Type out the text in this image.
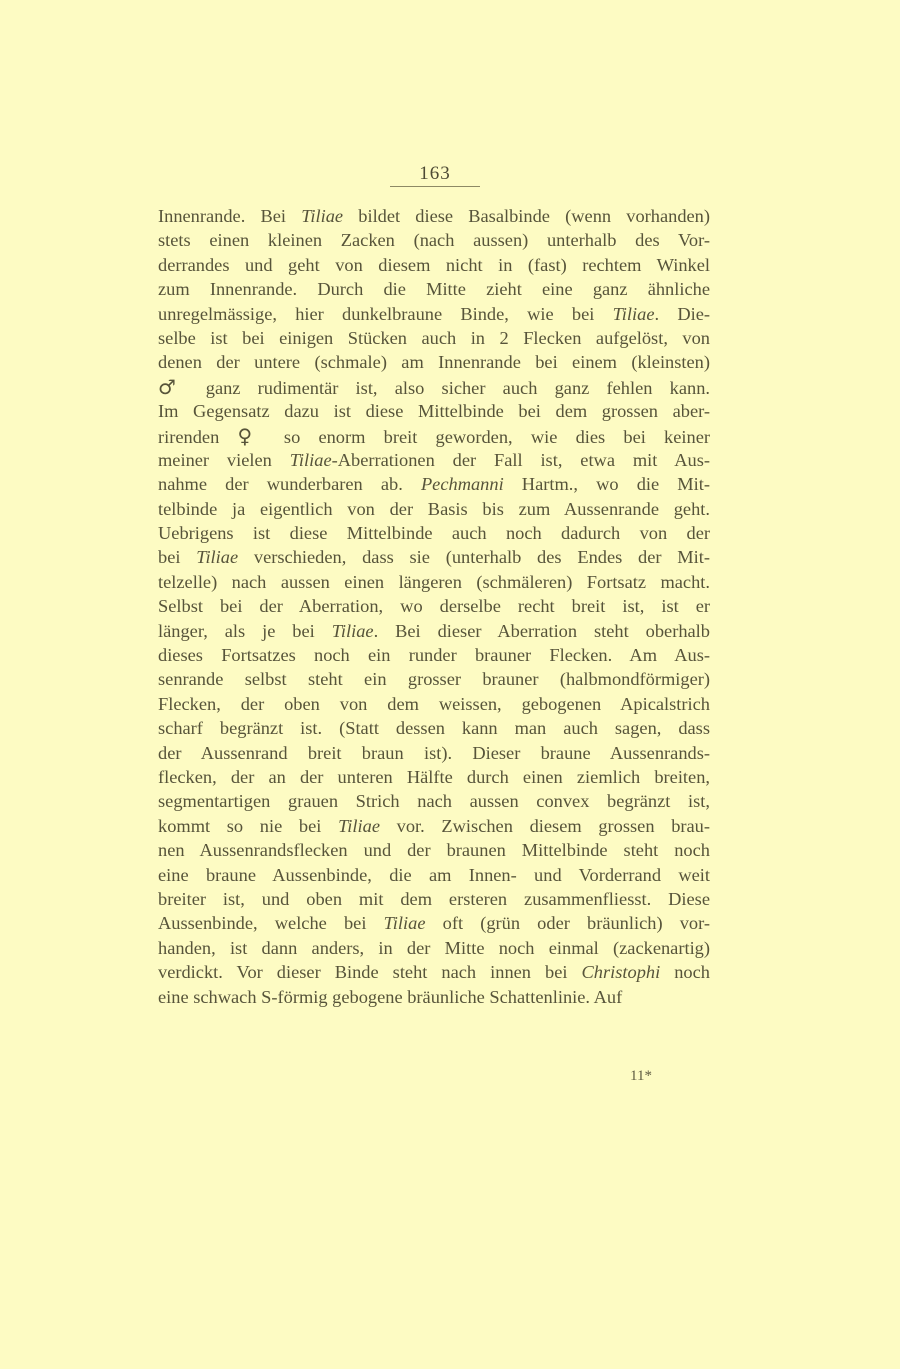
163
Innenrande. Bei Tiliae bildet diese Basalbinde (wenn vorhanden)
stets einen kleinen Zacken (nach aussen) unterhalb des Vor-
derrandes und geht von diesem nicht in (fast) rechtem Winkel
zum Innenrande. Durch die Mitte zieht eine ganz ähnliche
unregelmässige, hier dunkelbraune Binde, wie bei Tiliae. Die-
selbe ist bei einigen Stücken auch in 2 Flecken aufgelöst, von
denen der untere (schmale) am Innenrande bei einem (kleinsten)
♂ ganz rudimentär ist, also sicher auch ganz fehlen kann.
Im Gegensatz dazu ist diese Mittelbinde bei dem grossen aber-
rirenden ♀ so enorm breit geworden, wie dies bei keiner
meiner vielen Tiliae-Aberrationen der Fall ist, etwa mit Aus-
nahme der wunderbaren ab. Pechmanni Hartm., wo die Mit-
telbinde ja eigentlich von der Basis bis zum Aussenrande geht.
Uebrigens ist diese Mittelbinde auch noch dadurch von der
bei Tiliae verschieden, dass sie (unterhalb des Endes der Mit-
telzelle) nach aussen einen längeren (schmäleren) Fortsatz macht.
Selbst bei der Aberration, wo derselbe recht breit ist, ist er
länger, als je bei Tiliae. Bei dieser Aberration steht oberhalb
dieses Fortsatzes noch ein runder brauner Flecken. Am Aus-
senrande selbst steht ein grosser brauner (halbmondförmiger)
Flecken, der oben von dem weissen, gebogenen Apicalstrich
scharf begränzt ist. (Statt dessen kann man auch sagen, dass
der Aussenrand breit braun ist). Dieser braune Aussenrands-
flecken, der an der unteren Hälfte durch einen ziemlich breiten,
segmentartigen grauen Strich nach aussen convex begränzt ist,
kommt so nie bei Tiliae vor. Zwischen diesem grossen brau-
nen Aussenrandsflecken und der braunen Mittelbinde steht noch
eine braune Aussenbinde, die am Innen- und Vorderrand weit
breiter ist, und oben mit dem ersteren zusammenfliesst. Diese
Aussenbinde, welche bei Tiliae oft (grün oder bräunlich) vor-
handen, ist dann anders, in der Mitte noch einmal (zackenartig)
verdickt. Vor dieser Binde steht nach innen bei Christophi noch
eine schwach S-förmig gebogene bräunliche Schattenlinie. Auf
11*
